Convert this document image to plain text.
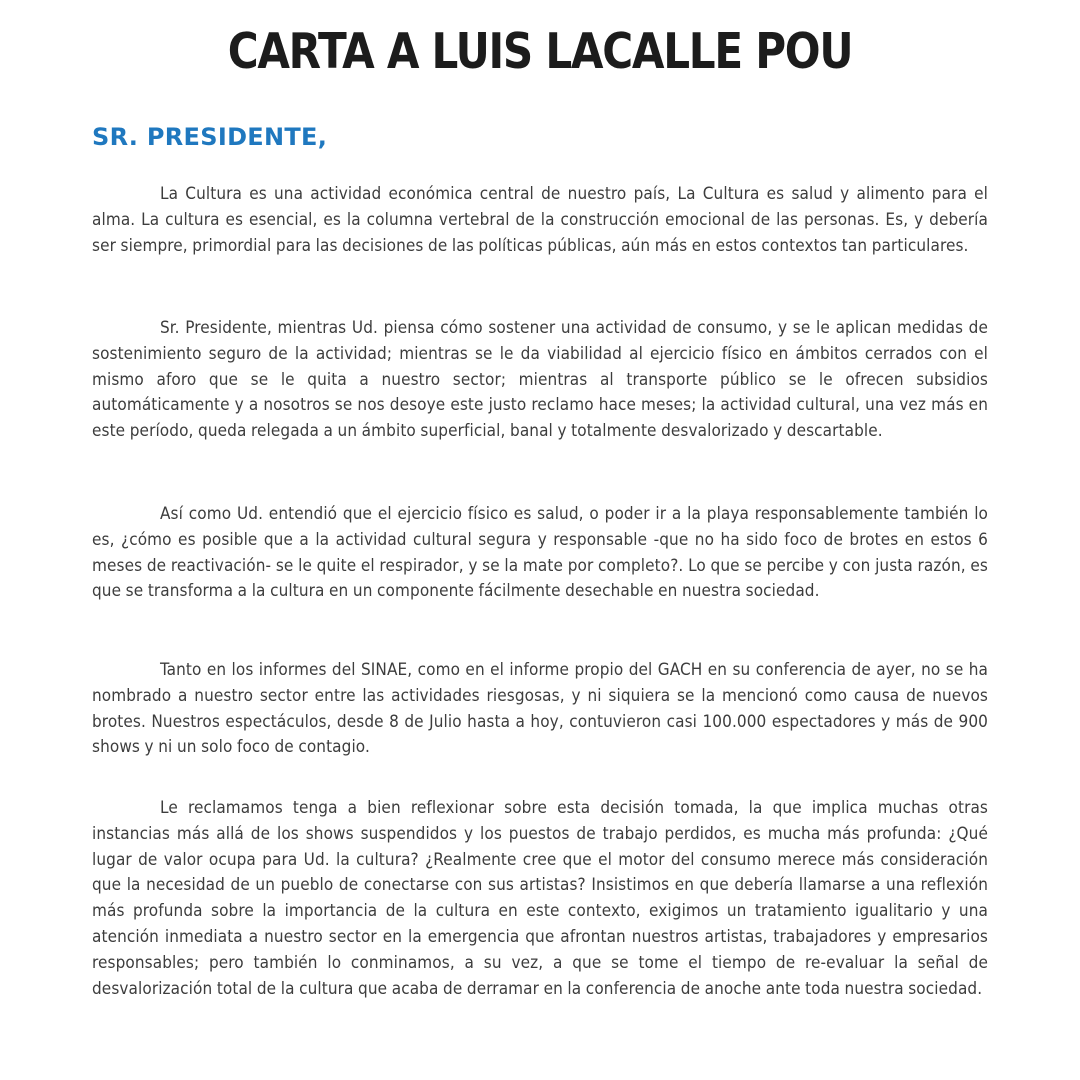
CARTA A LUIS LACALLE POU
SR. PRESIDENTE,

La Cultura es una actividad económica central de nuestro país, La Cultura es salud y alimento para el alma. La cultura es esencial, es la columna vertebral de la construcción emocional de las personas. Es, y debería ser siempre, primordial para las decisiones de las políticas públicas, aún más en estos contextos tan particulares.

Sr. Presidente, mientras Ud. piensa cómo sostener una actividad de consumo, y se le aplican medidas de sostenimiento seguro de la actividad; mientras se le da viabilidad al ejercicio físico en ámbitos cerrados con el mismo aforo que se le quita a nuestro sector; mientras al transporte público se le ofrecen subsidios automáticamente y a nosotros se nos desoye este justo reclamo hace meses; la actividad cultural, una vez más en este período, queda relegada a un ámbito superficial, banal y totalmente desvalorizado y descartable.

Así como Ud. entendió que el ejercicio físico es salud, o poder ir a la playa responsablemente también lo es, ¿cómo es posible que a la actividad cultural segura y responsable -que no ha sido foco de brotes en estos 6 meses de reactivación- se le quite el respirador, y se la mate por completo?. Lo que se percibe y con justa razón, es que se transforma a la cultura en un componente fácilmente desechable en nuestra sociedad.

Tanto en los informes del SINAE, como en el informe propio del GACH en su conferencia de ayer, no se ha nombrado a nuestro sector entre las actividades riesgosas, y ni siquiera se la mencionó como causa de nuevos brotes. Nuestros espectáculos, desde 8 de Julio hasta a hoy, contuvieron casi 100.000 espectadores y más de 900 shows y ni un solo foco de contagio.

Le reclamamos tenga a bien reflexionar sobre esta decisión tomada, la que implica muchas otras instancias más allá de los shows suspendidos y los puestos de trabajo perdidos, es mucha más profunda: ¿Qué lugar de valor ocupa para Ud. la cultura? ¿Realmente cree que el motor del consumo merece más consideración que la necesidad de un pueblo de conectarse con sus artistas? Insistimos en que debería llamarse a una reflexión más profunda sobre la importancia de la cultura en este contexto, exigimos un tratamiento igualitario y una atención inmediata a nuestro sector en la emergencia que afrontan nuestros artistas, trabajadores y empresarios responsables; pero también lo conminamos, a su vez, a que se tome el tiempo de re-evaluar la señal de desvalorización total de la cultura que acaba de derramar en la conferencia de anoche ante toda nuestra sociedad.
